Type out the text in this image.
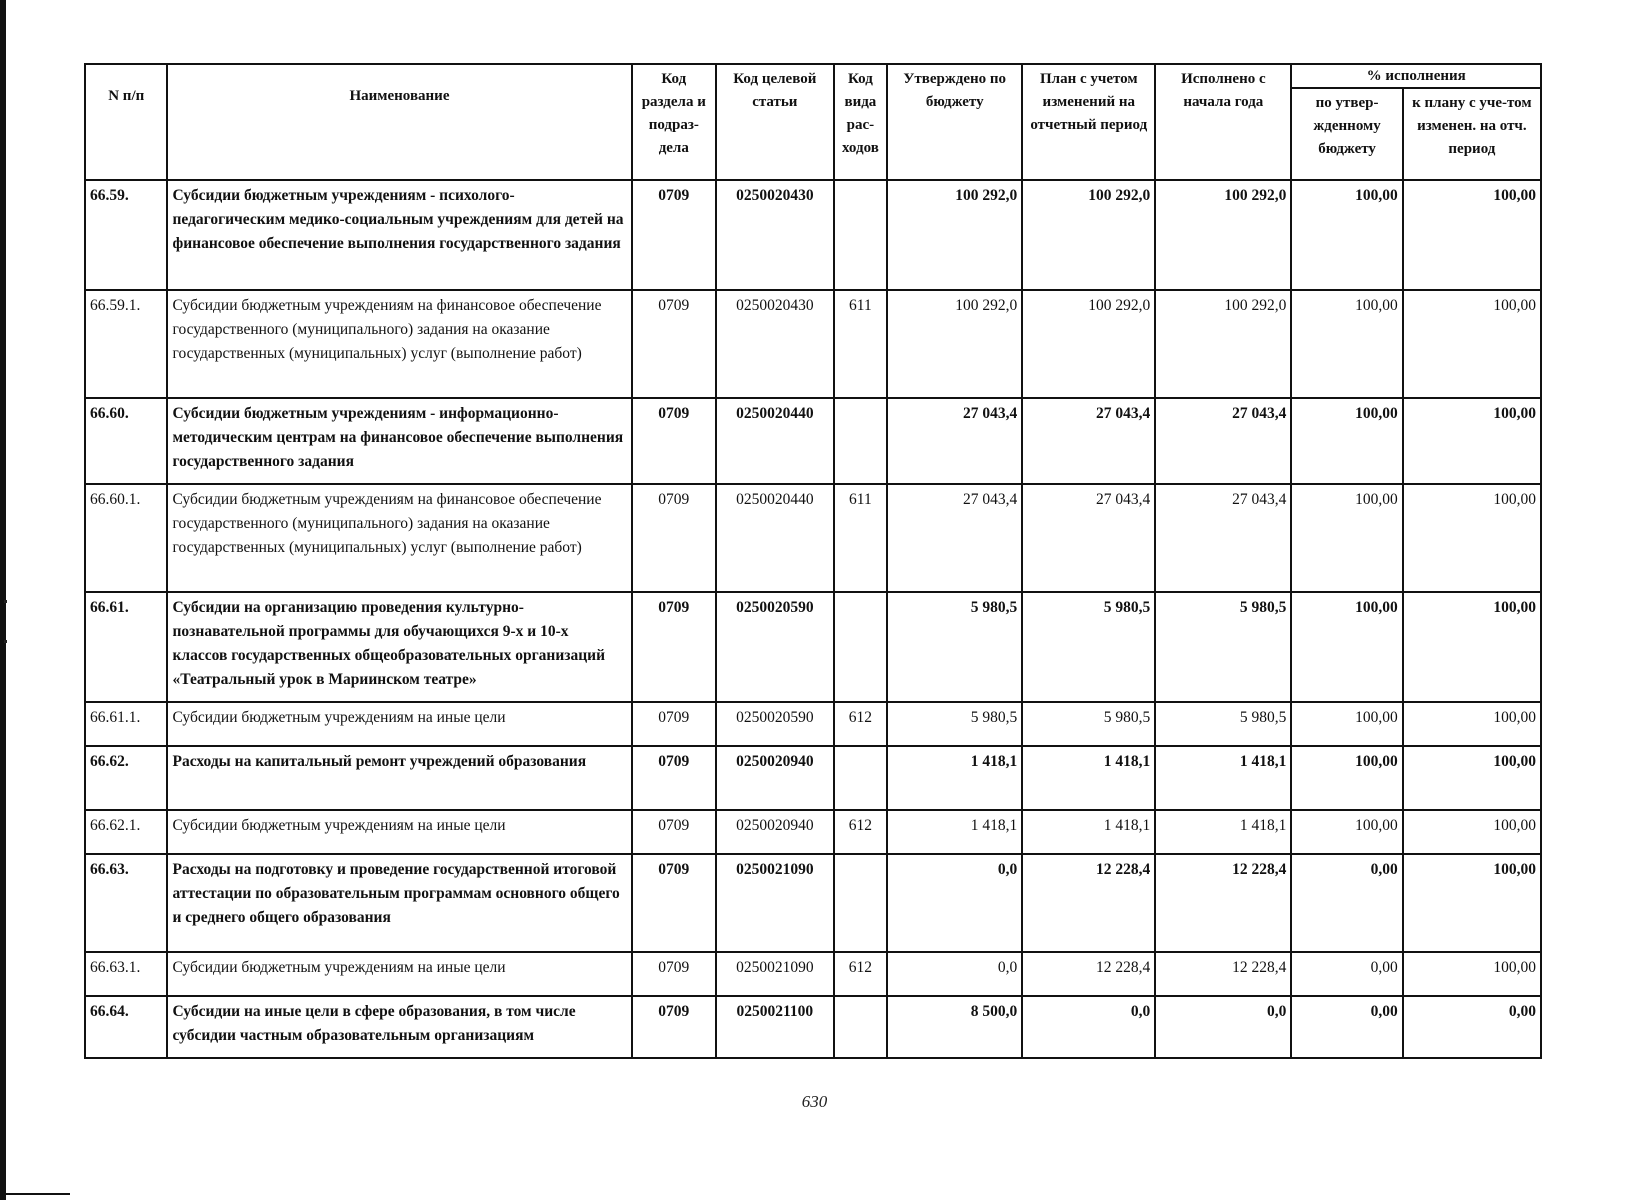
N п/п	Наименование	Код раздела и подраз-дела	Код целевой статьи	Код вида рас-ходов	Утверждено по бюджету	План с учетом изменений на отчетный период	Исполнено с начала года	% исполнения	
								по утвер-жденному бюджету	к плану с уче-том изменен. на отч. период
66.59.	Субсидии бюджетным учреждениям - психолого-педагогическим медико-социальным учреждениям для детей на финансовое обеспечение выполнения государственного задания	0709	0250020430		100 292,0	100 292,0	100 292,0	100,00	100,00
66.59.1.	Субсидии бюджетным учреждениям на финансовое обеспечение государственного (муниципального) задания на оказание государственных (муниципальных) услуг (выполнение работ)	0709	0250020430	611	100 292,0	100 292,0	100 292,0	100,00	100,00
66.60.	Субсидии бюджетным учреждениям - информационно-методическим центрам на финансовое обеспечение выполнения государственного задания	0709	0250020440		27 043,4	27 043,4	27 043,4	100,00	100,00
66.60.1.	Субсидии бюджетным учреждениям на финансовое обеспечение государственного (муниципального) задания на оказание государственных (муниципальных) услуг (выполнение работ)	0709	0250020440	611	27 043,4	27 043,4	27 043,4	100,00	100,00
66.61.	Субсидии на организацию проведения культурно-познавательной программы для обучающихся 9-х и 10-х классов государственных общеобразовательных организаций «Театральный урок в Мариинском театре»	0709	0250020590		5 980,5	5 980,5	5 980,5	100,00	100,00
66.61.1.	Субсидии бюджетным учреждениям на иные цели	0709	0250020590	612	5 980,5	5 980,5	5 980,5	100,00	100,00
66.62.	Расходы на капитальный ремонт учреждений образования	0709	0250020940		1 418,1	1 418,1	1 418,1	100,00	100,00
66.62.1.	Субсидии бюджетным учреждениям на иные цели	0709	0250020940	612	1 418,1	1 418,1	1 418,1	100,00	100,00
66.63.	Расходы на подготовку и проведение государственной итоговой аттестации по образовательным программам основного общего и среднего общего образования	0709	0250021090		0,0	12 228,4	12 228,4	0,00	100,00
66.63.1.	Субсидии бюджетным учреждениям на иные цели	0709	0250021090	612	0,0	12 228,4	12 228,4	0,00	100,00
66.64.	Субсидии на иные цели в сфере образования, в том числе субсидии частным образовательным организациям	0709	0250021100		8 500,0	0,0	0,0	0,00	0,00
630
